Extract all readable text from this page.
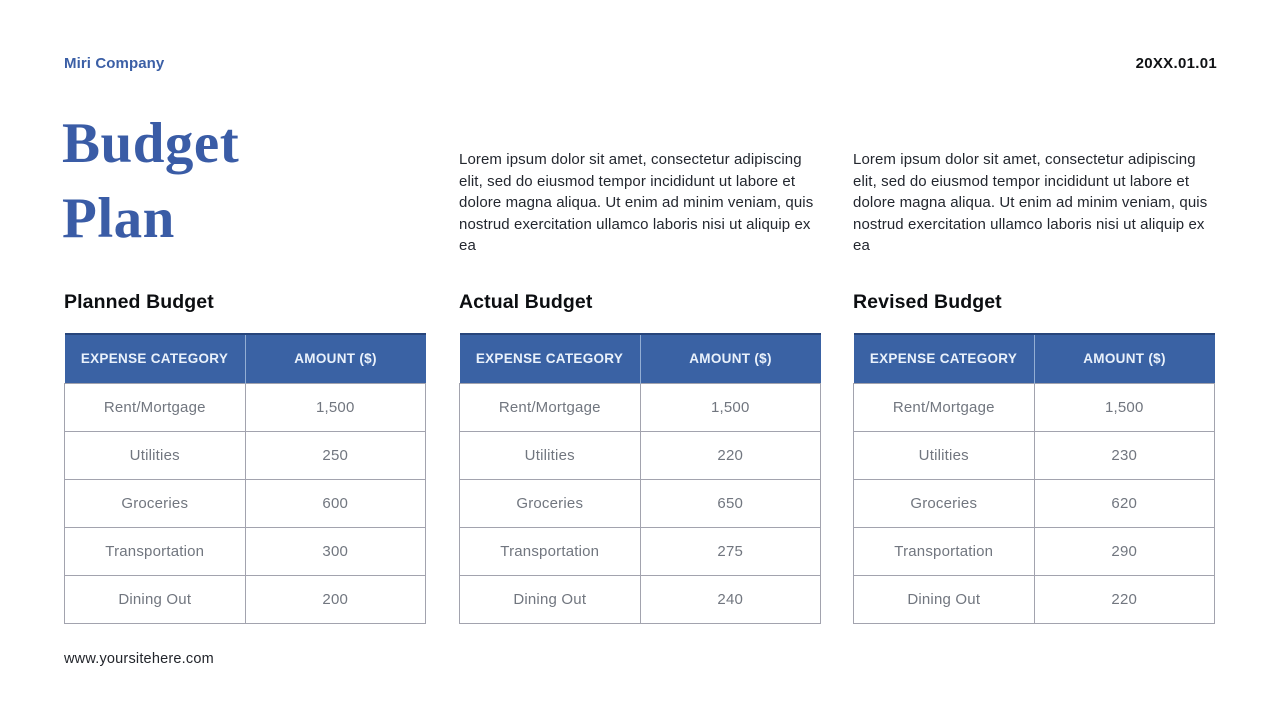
Miri Company	20XX.01.01
Budget
Plan

Lorem ipsum dolor sit amet, consectetur adipiscing elit, sed do eiusmod tempor incididunt ut labore et dolore magna aliqua. Ut enim ad minim veniam, quis nostrud exercitation ullamco laboris nisi ut aliquip ex ea

Lorem ipsum dolor sit amet, consectetur adipiscing elit, sed do eiusmod tempor incididunt ut labore et dolore magna aliqua. Ut enim ad minim veniam, quis nostrud exercitation ullamco laboris nisi ut aliquip ex ea

Planned Budget
EXPENSE CATEGORY	AMOUNT ($)
Rent/Mortgage	1,500
Utilities	250
Groceries	600
Transportation	300
Dining Out	200
Actual Budget
EXPENSE CATEGORY	AMOUNT ($)
Rent/Mortgage	1,500
Utilities	220
Groceries	650
Transportation	275
Dining Out	240
Revised Budget
EXPENSE CATEGORY	AMOUNT ($)
Rent/Mortgage	1,500
Utilities	230
Groceries	620
Transportation	290
Dining Out	220
www.yoursitehere.com
